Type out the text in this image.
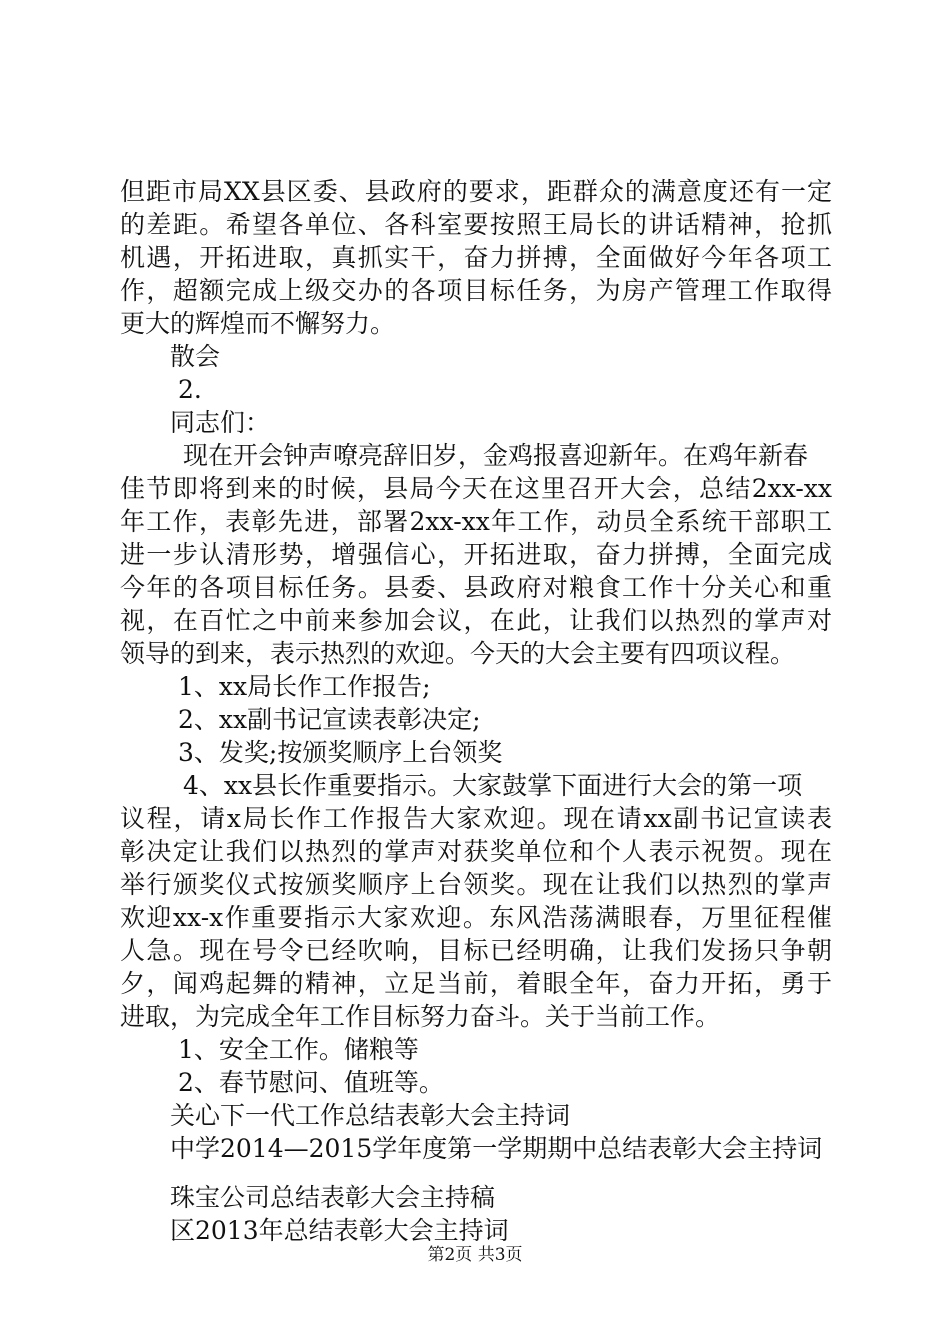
但距市局XX县区委、县政府的要求，距群众的满意度还有一定
的差距。希望各单位、各科室要按照王局长的讲话精神，抢抓
机遇，开拓进取，真抓实干，奋力拼搏，全面做好今年各项工
作，超额完成上级交办的各项目标任务，为房产管理工作取得
更大的辉煌而不懈努力。
散会
2.
同志们：
现在开会钟声嘹亮辞旧岁，金鸡报喜迎新年。在鸡年新春
佳节即将到来的时候，县局今天在这里召开大会，总结2xx-xx
年工作，表彰先进，部署2xx-xx年工作，动员全系统干部职工
进一步认清形势，增强信心，开拓进取，奋力拼搏，全面完成
今年的各项目标任务。县委、县政府对粮食工作十分关心和重
视，在百忙之中前来参加会议，在此，让我们以热烈的掌声对
领导的到来，表示热烈的欢迎。今天的大会主要有四项议程。
1、xx局长作工作报告;
2、xx副书记宣读表彰决定;
3、发奖;按颁奖顺序上台领奖
4、xx县长作重要指示。大家鼓掌下面进行大会的第一项
议程，请x局长作工作报告大家欢迎。现在请xx副书记宣读表
彰决定让我们以热烈的掌声对获奖单位和个人表示祝贺。现在
举行颁奖仪式按颁奖顺序上台领奖。现在让我们以热烈的掌声
欢迎xx-x作重要指示大家欢迎。东风浩荡满眼春，万里征程催
人急。现在号令已经吹响，目标已经明确，让我们发扬只争朝
夕，闻鸡起舞的精神，立足当前，着眼全年，奋力开拓，勇于
进取，为完成全年工作目标努力奋斗。关于当前工作。
1、安全工作。储粮等
2、春节慰问、值班等。
关心下一代工作总结表彰大会主持词
中学2014—2015学年度第一学期期中总结表彰大会主持词
珠宝公司总结表彰大会主持稿
区2013年总结表彰大会主持词
第2页 共3页
